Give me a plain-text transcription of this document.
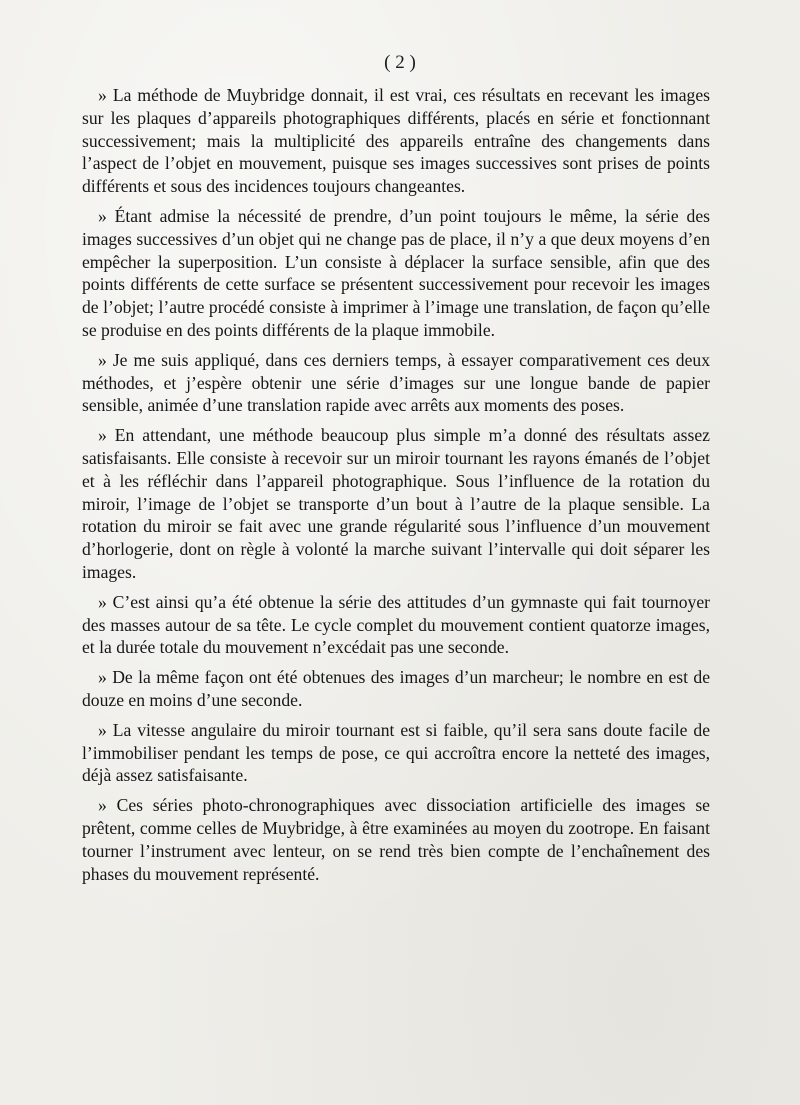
( 2 )

» La méthode de Muybridge donnait, il est vrai, ces résultats en recevant les images sur les plaques d’appareils photographiques différents, placés en série et fonctionnant successivement; mais la multiplicité des appareils entraîne des changements dans l’aspect de l’objet en mouvement, puisque ses images successives sont prises de points différents et sous des incidences toujours changeantes.

» Étant admise la nécessité de prendre, d’un point toujours le même, la série des images successives d’un objet qui ne change pas de place, il n’y a que deux moyens d’en empêcher la superposition. L’un consiste à déplacer la surface sensible, afin que des points différents de cette surface se présentent successivement pour recevoir les images de l’objet; l’autre procédé consiste à imprimer à l’image une translation, de façon qu’elle se produise en des points différents de la plaque immobile.

» Je me suis appliqué, dans ces derniers temps, à essayer comparativement ces deux méthodes, et j’espère obtenir une série d’images sur une longue bande de papier sensible, animée d’une translation rapide avec arrêts aux moments des poses.

» En attendant, une méthode beaucoup plus simple m’a donné des résultats assez satisfaisants. Elle consiste à recevoir sur un miroir tournant les rayons émanés de l’objet et à les réfléchir dans l’appareil photographique. Sous l’influence de la rotation du miroir, l’image de l’objet se transporte d’un bout à l’autre de la plaque sensible. La rotation du miroir se fait avec une grande régularité sous l’influence d’un mouvement d’horlogerie, dont on règle à volonté la marche suivant l’intervalle qui doit séparer les images.

» C’est ainsi qu’a été obtenue la série des attitudes d’un gymnaste qui fait tournoyer des masses autour de sa tête. Le cycle complet du mouvement contient quatorze images, et la durée totale du mouvement n’excédait pas une seconde.

» De la même façon ont été obtenues des images d’un marcheur; le nombre en est de douze en moins d’une seconde.

» La vitesse angulaire du miroir tournant est si faible, qu’il sera sans doute facile de l’immobiliser pendant les temps de pose, ce qui accroîtra encore la netteté des images, déjà assez satisfaisante.

» Ces séries photo-chronographiques avec dissociation artificielle des images se prêtent, comme celles de Muybridge, à être examinées au moyen du zootrope. En faisant tourner l’instrument avec lenteur, on se rend très bien compte de l’enchaînement des phases du mouvement représenté.
